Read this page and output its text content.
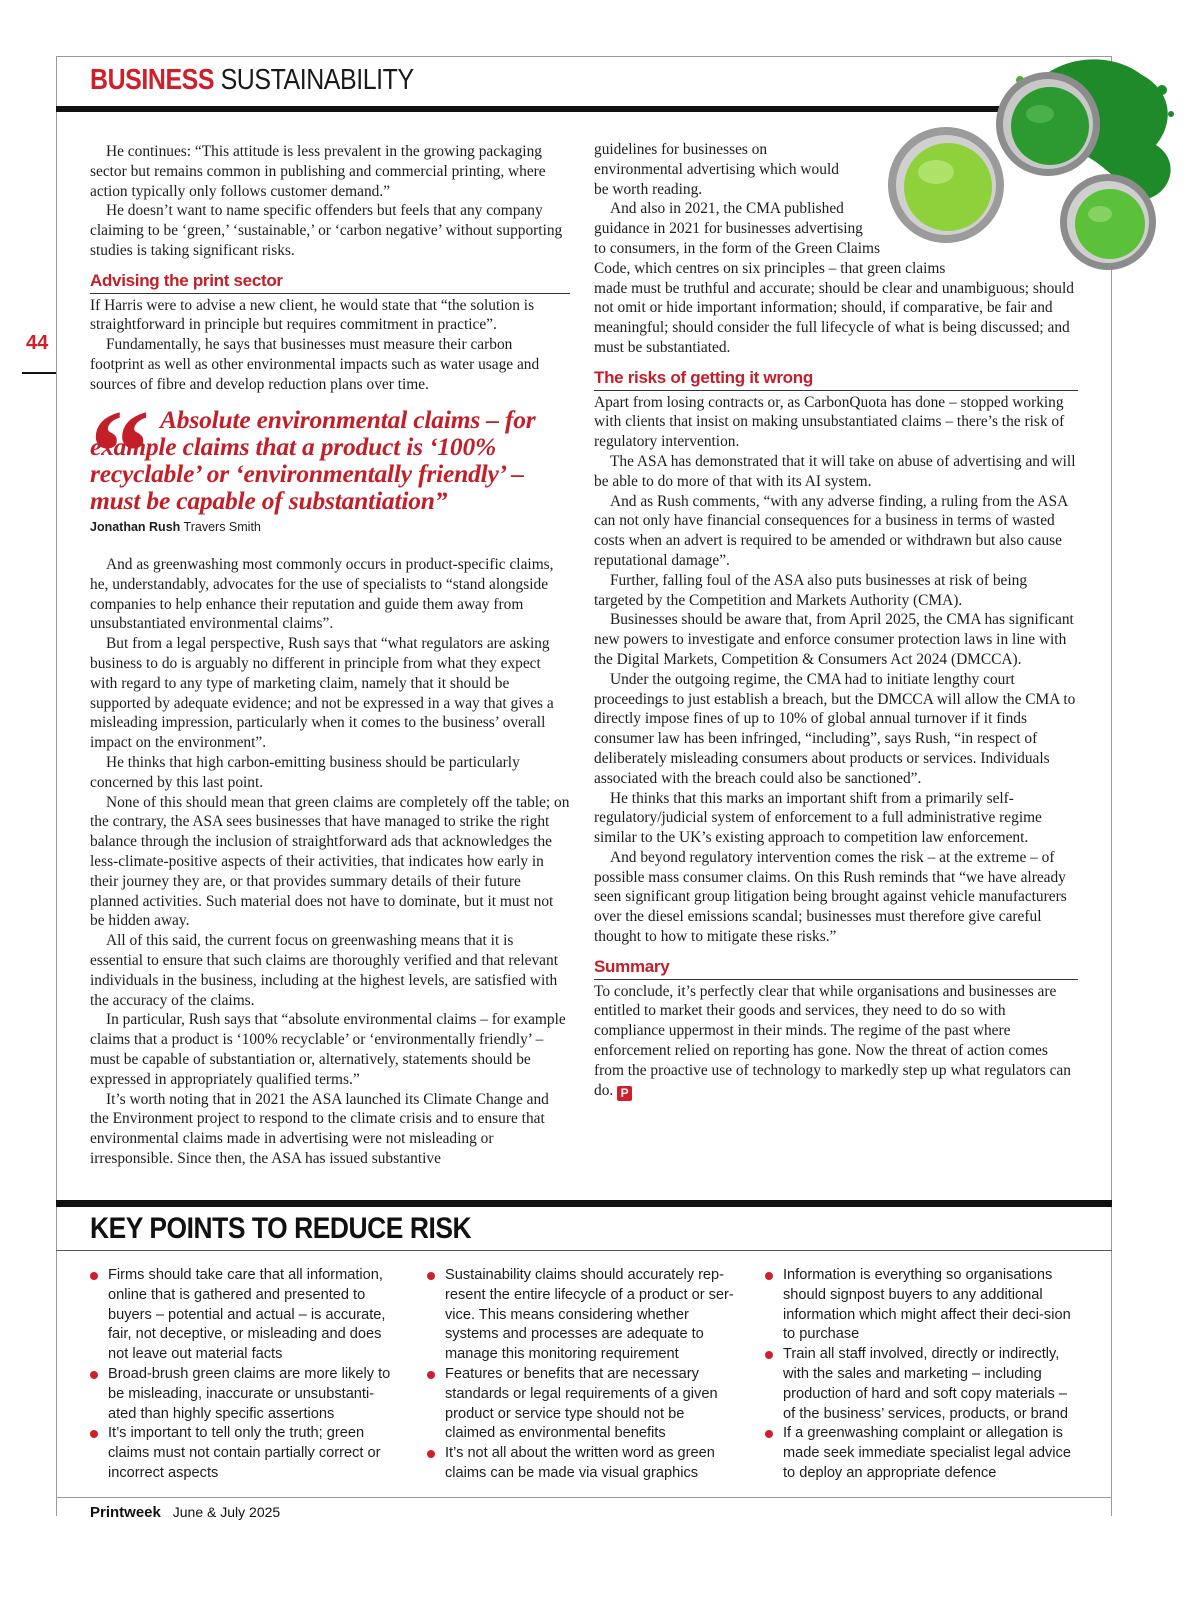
BUSINESS SUSTAINABILITY
44

He continues: “This attitude is less prevalent in the growing packaging sector but remains common in publishing and commercial printing, where action typically only follows customer demand.”

He doesn’t want to name specific offenders but feels that any company claiming to be ‘green,’ ‘sustainable,’ or ‘carbon negative’ without supporting studies is taking significant risks.

Advising the print sector

If Harris were to advise a new client, he would state that “the solution is straightforward in principle but requires commitment in practice”.

Fundamentally, he says that businesses must measure their carbon footprint as well as other environmental impacts such as water usage and sources of fibre and develop reduction plans over time.

“ Absolute environmental claims – for example claims that a product is ‘100% recyclable’ or ‘environmentally friendly’ – must be capable of substantiation”

Jonathan Rush Travers Smith

And as greenwashing most commonly occurs in product-specific claims, he, understandably, advocates for the use of specialists to “stand alongside companies to help enhance their reputation and guide them away from unsubstantiated environmental claims”.

But from a legal perspective, Rush says that “what regulators are asking business to do is arguably no different in principle from what they expect with regard to any type of marketing claim, namely that it should be supported by adequate evidence; and not be expressed in a way that gives a misleading impression, particularly when it comes to the business’ overall impact on the environment”.

He thinks that high carbon-emitting business should be particularly concerned by this last point.

None of this should mean that green claims are completely off the table; on the contrary, the ASA sees businesses that have managed to strike the right balance through the inclusion of straightforward ads that acknowledges the less-climate-positive aspects of their activities, that indicates how early in their journey they are, or that provides summary details of their future planned activities. Such material does not have to dominate, but it must not be hidden away.

All of this said, the current focus on greenwashing means that it is essential to ensure that such claims are thoroughly verified and that relevant individuals in the business, including at the highest levels, are satisfied with the accuracy of the claims.

In particular, Rush says that “absolute environmental claims – for example claims that a product is ‘100% recyclable’ or ‘environmentally friendly’ – must be capable of substantiation or, alternatively, statements should be expressed in appropriately qualified terms.”

It’s worth noting that in 2021 the ASA launched its Climate Change and the Environment project to respond to the climate crisis and to ensure that environmental claims made in advertising were not misleading or irresponsible. Since then, the ASA has issued substantive

guidelines for businesses on
environmental advertising which would
be worth reading.
And also in 2021, the CMA published
guidance in 2021 for businesses advertising
to consumers, in the form of the Green Claims
Code, which centres on six principles – that green claims

made must be truthful and accurate; should be clear and unambiguous; should not omit or hide important information; should, if comparative, be fair and meaningful; should consider the full lifecycle of what is being discussed; and must be substantiated.

The risks of getting it wrong

Apart from losing contracts or, as CarbonQuota has done – stopped working with clients that insist on making unsubstantiated claims – there’s the risk of regulatory intervention.

The ASA has demonstrated that it will take on abuse of advertising and will be able to do more of that with its AI system.

And as Rush comments, “with any adverse finding, a ruling from the ASA can not only have financial consequences for a business in terms of wasted costs when an advert is required to be amended or withdrawn but also cause reputational damage”.

Further, falling foul of the ASA also puts businesses at risk of being targeted by the Competition and Markets Authority (CMA).

Businesses should be aware that, from April 2025, the CMA has significant new powers to investigate and enforce consumer protection laws in line with the Digital Markets, Competition & Consumers Act 2024 (DMCCA).

Under the outgoing regime, the CMA had to initiate lengthy court proceedings to just establish a breach, but the DMCCA will allow the CMA to directly impose fines of up to 10% of global annual turnover if it finds consumer law has been infringed, “including”, says Rush, “in respect of deliberately misleading consumers about products or services. Individuals associated with the breach could also be sanctioned”.

He thinks that this marks an important shift from a primarily self-regulatory/judicial system of enforcement to a full administrative regime similar to the UK’s existing approach to competition law enforcement.

And beyond regulatory intervention comes the risk – at the extreme – of possible mass consumer claims. On this Rush reminds that “we have already seen significant group litigation being brought against vehicle manufacturers over the diesel emissions scandal; businesses must therefore give careful thought to how to mitigate these risks.”

Summary

To conclude, it’s perfectly clear that while organisations and businesses are entitled to market their goods and services, they need to do so with compliance uppermost in their minds. The regime of the past where enforcement relied on reporting has gone. Now the threat of action comes from the proactive use of technology to markedly step up what regulators can do. P

KEY POINTS TO REDUCE RISK
Firms should take care that all information, online that is gathered and presented to buyers – potential and actual – is accurate, fair, not deceptive, or misleading and does not leave out material facts
Broad-brush green claims are more likely to be misleading, inaccurate or unsubstanti-ated than highly specific assertions
It’s important to tell only the truth; green claims must not contain partially correct or incorrect aspects
Sustainability claims should accurately rep-resent the entire lifecycle of a product or ser-vice. This means considering whether systems and processes are adequate to manage this monitoring requirement
Features or benefits that are necessary standards or legal requirements of a given product or service type should not be claimed as environmental benefits
It’s not all about the written word as green claims can be made via visual graphics
Information is everything so organisations should signpost buyers to any additional information which might affect their deci-sion to purchase
Train all staff involved, directly or indirectly, with the sales and marketing – including production of hard and soft copy materials – of the business’ services, products, or brand
If a greenwashing complaint or allegation is made seek immediate specialist legal advice to deploy an appropriate defence
Printweek June & July 2025
